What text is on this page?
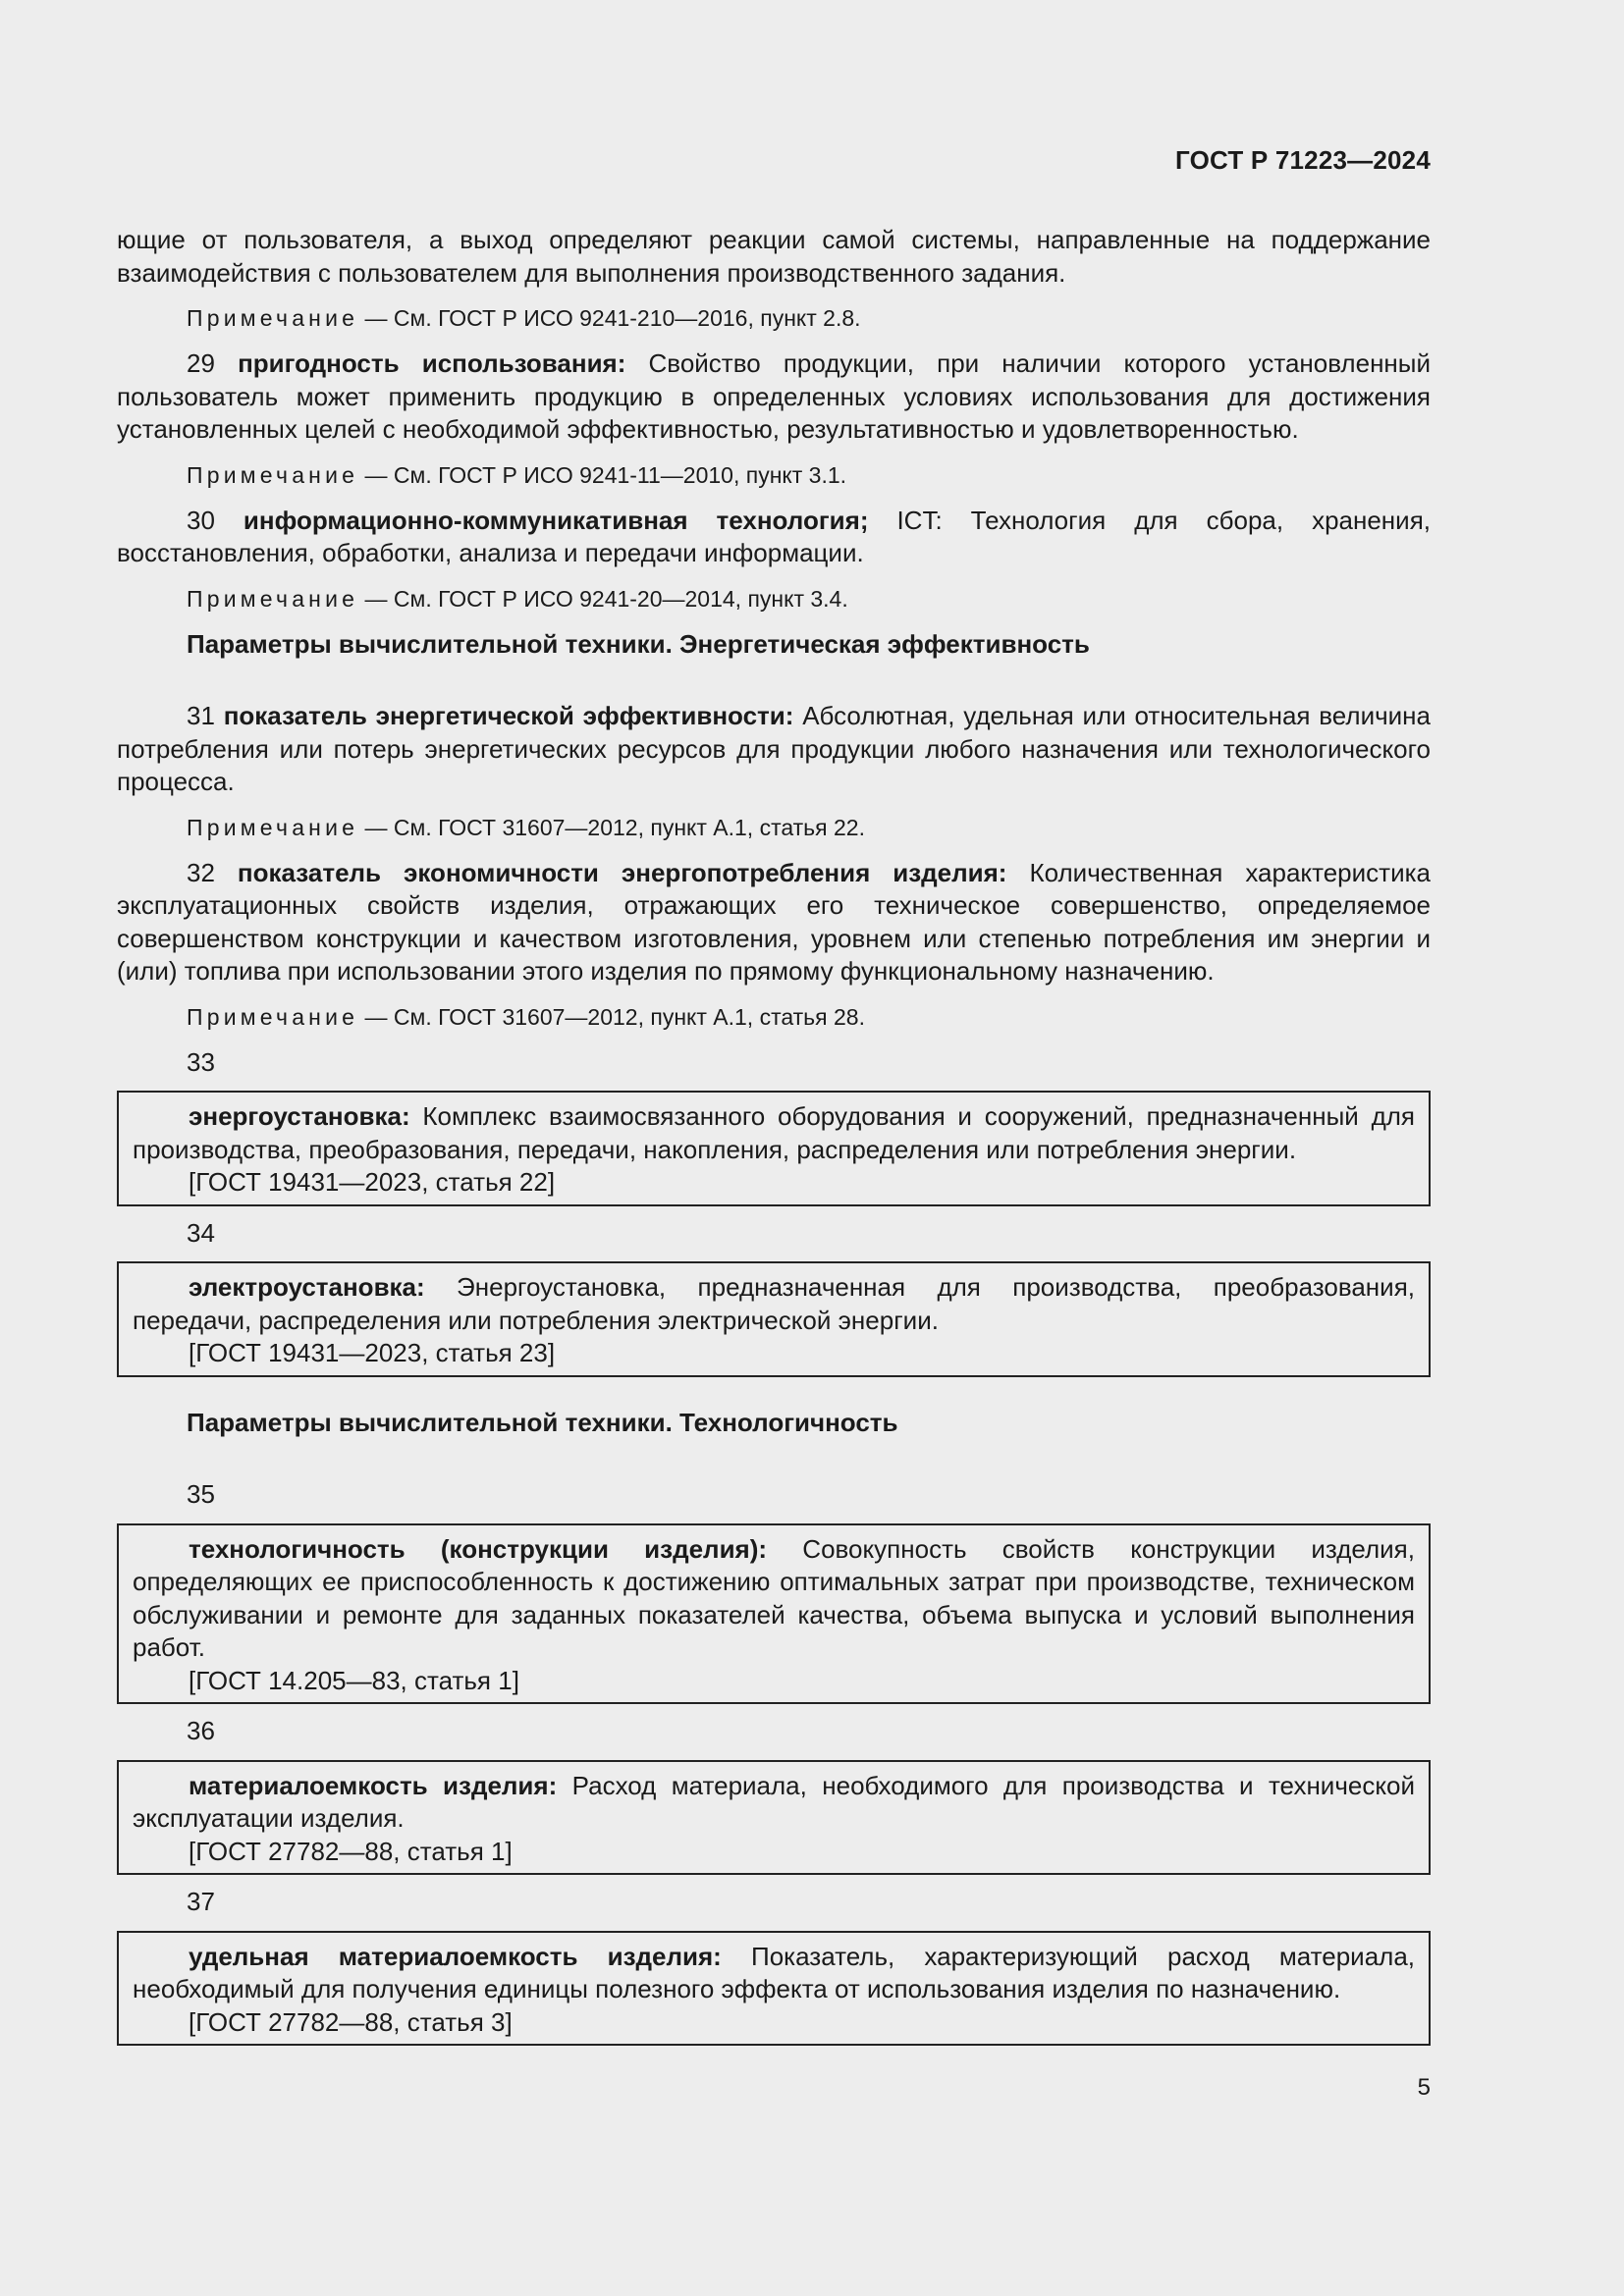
ГОСТ Р 71223—2024

ющие от пользователя, а выход определяют реакции самой системы, направленные на поддержание взаимодействия с пользователем для выполнения производственного задания.

Примечание — См. ГОСТ Р ИСО 9241-210—2016, пункт 2.8.

29 пригодность использования: Свойство продукции, при наличии которого установленный пользователь может применить продукцию в определенных условиях использования для достижения установленных целей с необходимой эффективностью, результативностью и удовлетворенностью.

Примечание — См. ГОСТ Р ИСО 9241-11—2010, пункт 3.1.

30 информационно-коммуникативная технология; ICT: Технология для сбора, хранения, восстановления, обработки, анализа и передачи информации.

Примечание — См. ГОСТ Р ИСО 9241-20—2014, пункт 3.4.

Параметры вычислительной техники. Энергетическая эффективность

31 показатель энергетической эффективности: Абсолютная, удельная или относительная величина потребления или потерь энергетических ресурсов для продукции любого назначения или технологического процесса.

Примечание — См. ГОСТ 31607—2012, пункт А.1, статья 22.

32 показатель экономичности энергопотребления изделия: Количественная характеристика эксплуатационных свойств изделия, отражающих его техническое совершенство, определяемое совершенством конструкции и качеством изготовления, уровнем или степенью потребления им энергии и (или) топлива при использовании этого изделия по прямому функциональному назначению.

Примечание — См. ГОСТ 31607—2012, пункт А.1, статья 28.

33

энергоустановка: Комплекс взаимосвязанного оборудования и сооружений, предназначенный для производства, преобразования, передачи, накопления, распределения или потребления энергии.

[ГОСТ 19431—2023, статья 22]

34

электроустановка: Энергоустановка, предназначенная для производства, преобразования, передачи, распределения или потребления электрической энергии.

[ГОСТ 19431—2023, статья 23]

Параметры вычислительной техники. Технологичность

35

технологичность (конструкции изделия): Совокупность свойств конструкции изделия, определяющих ее приспособленность к достижению оптимальных затрат при производстве, техническом обслуживании и ремонте для заданных показателей качества, объема выпуска и условий выполнения работ.

[ГОСТ 14.205—83, статья 1]

36

материалоемкость изделия: Расход материала, необходимого для производства и технической эксплуатации изделия.

[ГОСТ 27782—88, статья 1]

37

удельная материалоемкость изделия: Показатель, характеризующий расход материала, необходимый для получения единицы полезного эффекта от использования изделия по назначению.

[ГОСТ 27782—88, статья 3]

5
